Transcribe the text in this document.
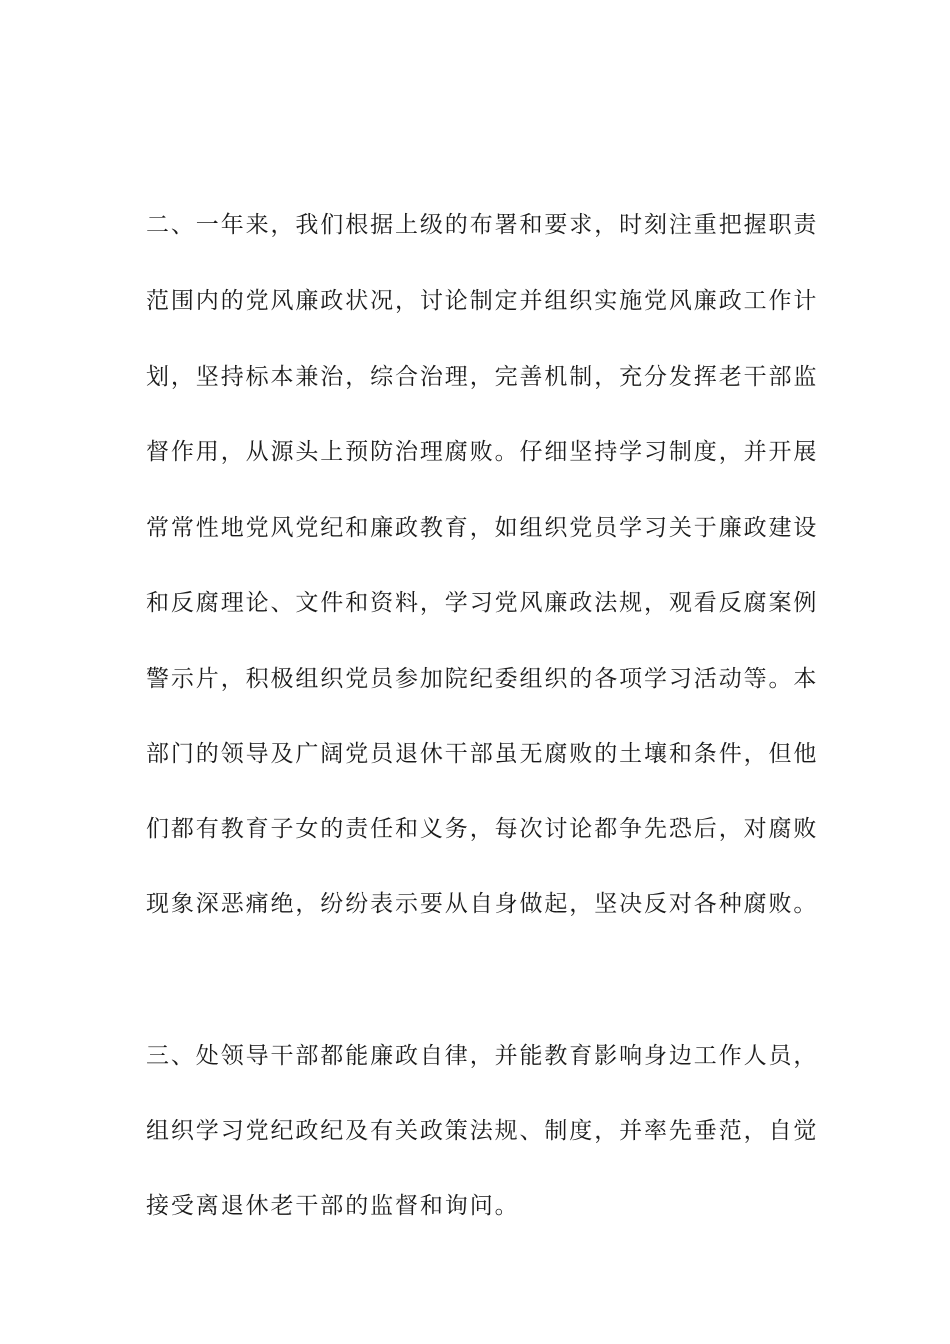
二、一年来，我们根据上级的布署和要求，时刻注重把握职责
范围内的党风廉政状况，讨论制定并组织实施党风廉政工作计
划，坚持标本兼治，综合治理，完善机制，充分发挥老干部监
督作用，从源头上预防治理腐败。仔细坚持学习制度，并开展
常常性地党风党纪和廉政教育，如组织党员学习关于廉政建设
和反腐理论、文件和资料，学习党风廉政法规，观看反腐案例
警示片，积极组织党员参加院纪委组织的各项学习活动等。本
部门的领导及广阔党员退休干部虽无腐败的土壤和条件，但他
们都有教育子女的责任和义务，每次讨论都争先恐后，对腐败
现象深恶痛绝，纷纷表示要从自身做起，坚决反对各种腐败。
三、处领导干部都能廉政自律，并能教育影响身边工作人员，
组织学习党纪政纪及有关政策法规、制度，并率先垂范，自觉
接受离退休老干部的监督和询问。
